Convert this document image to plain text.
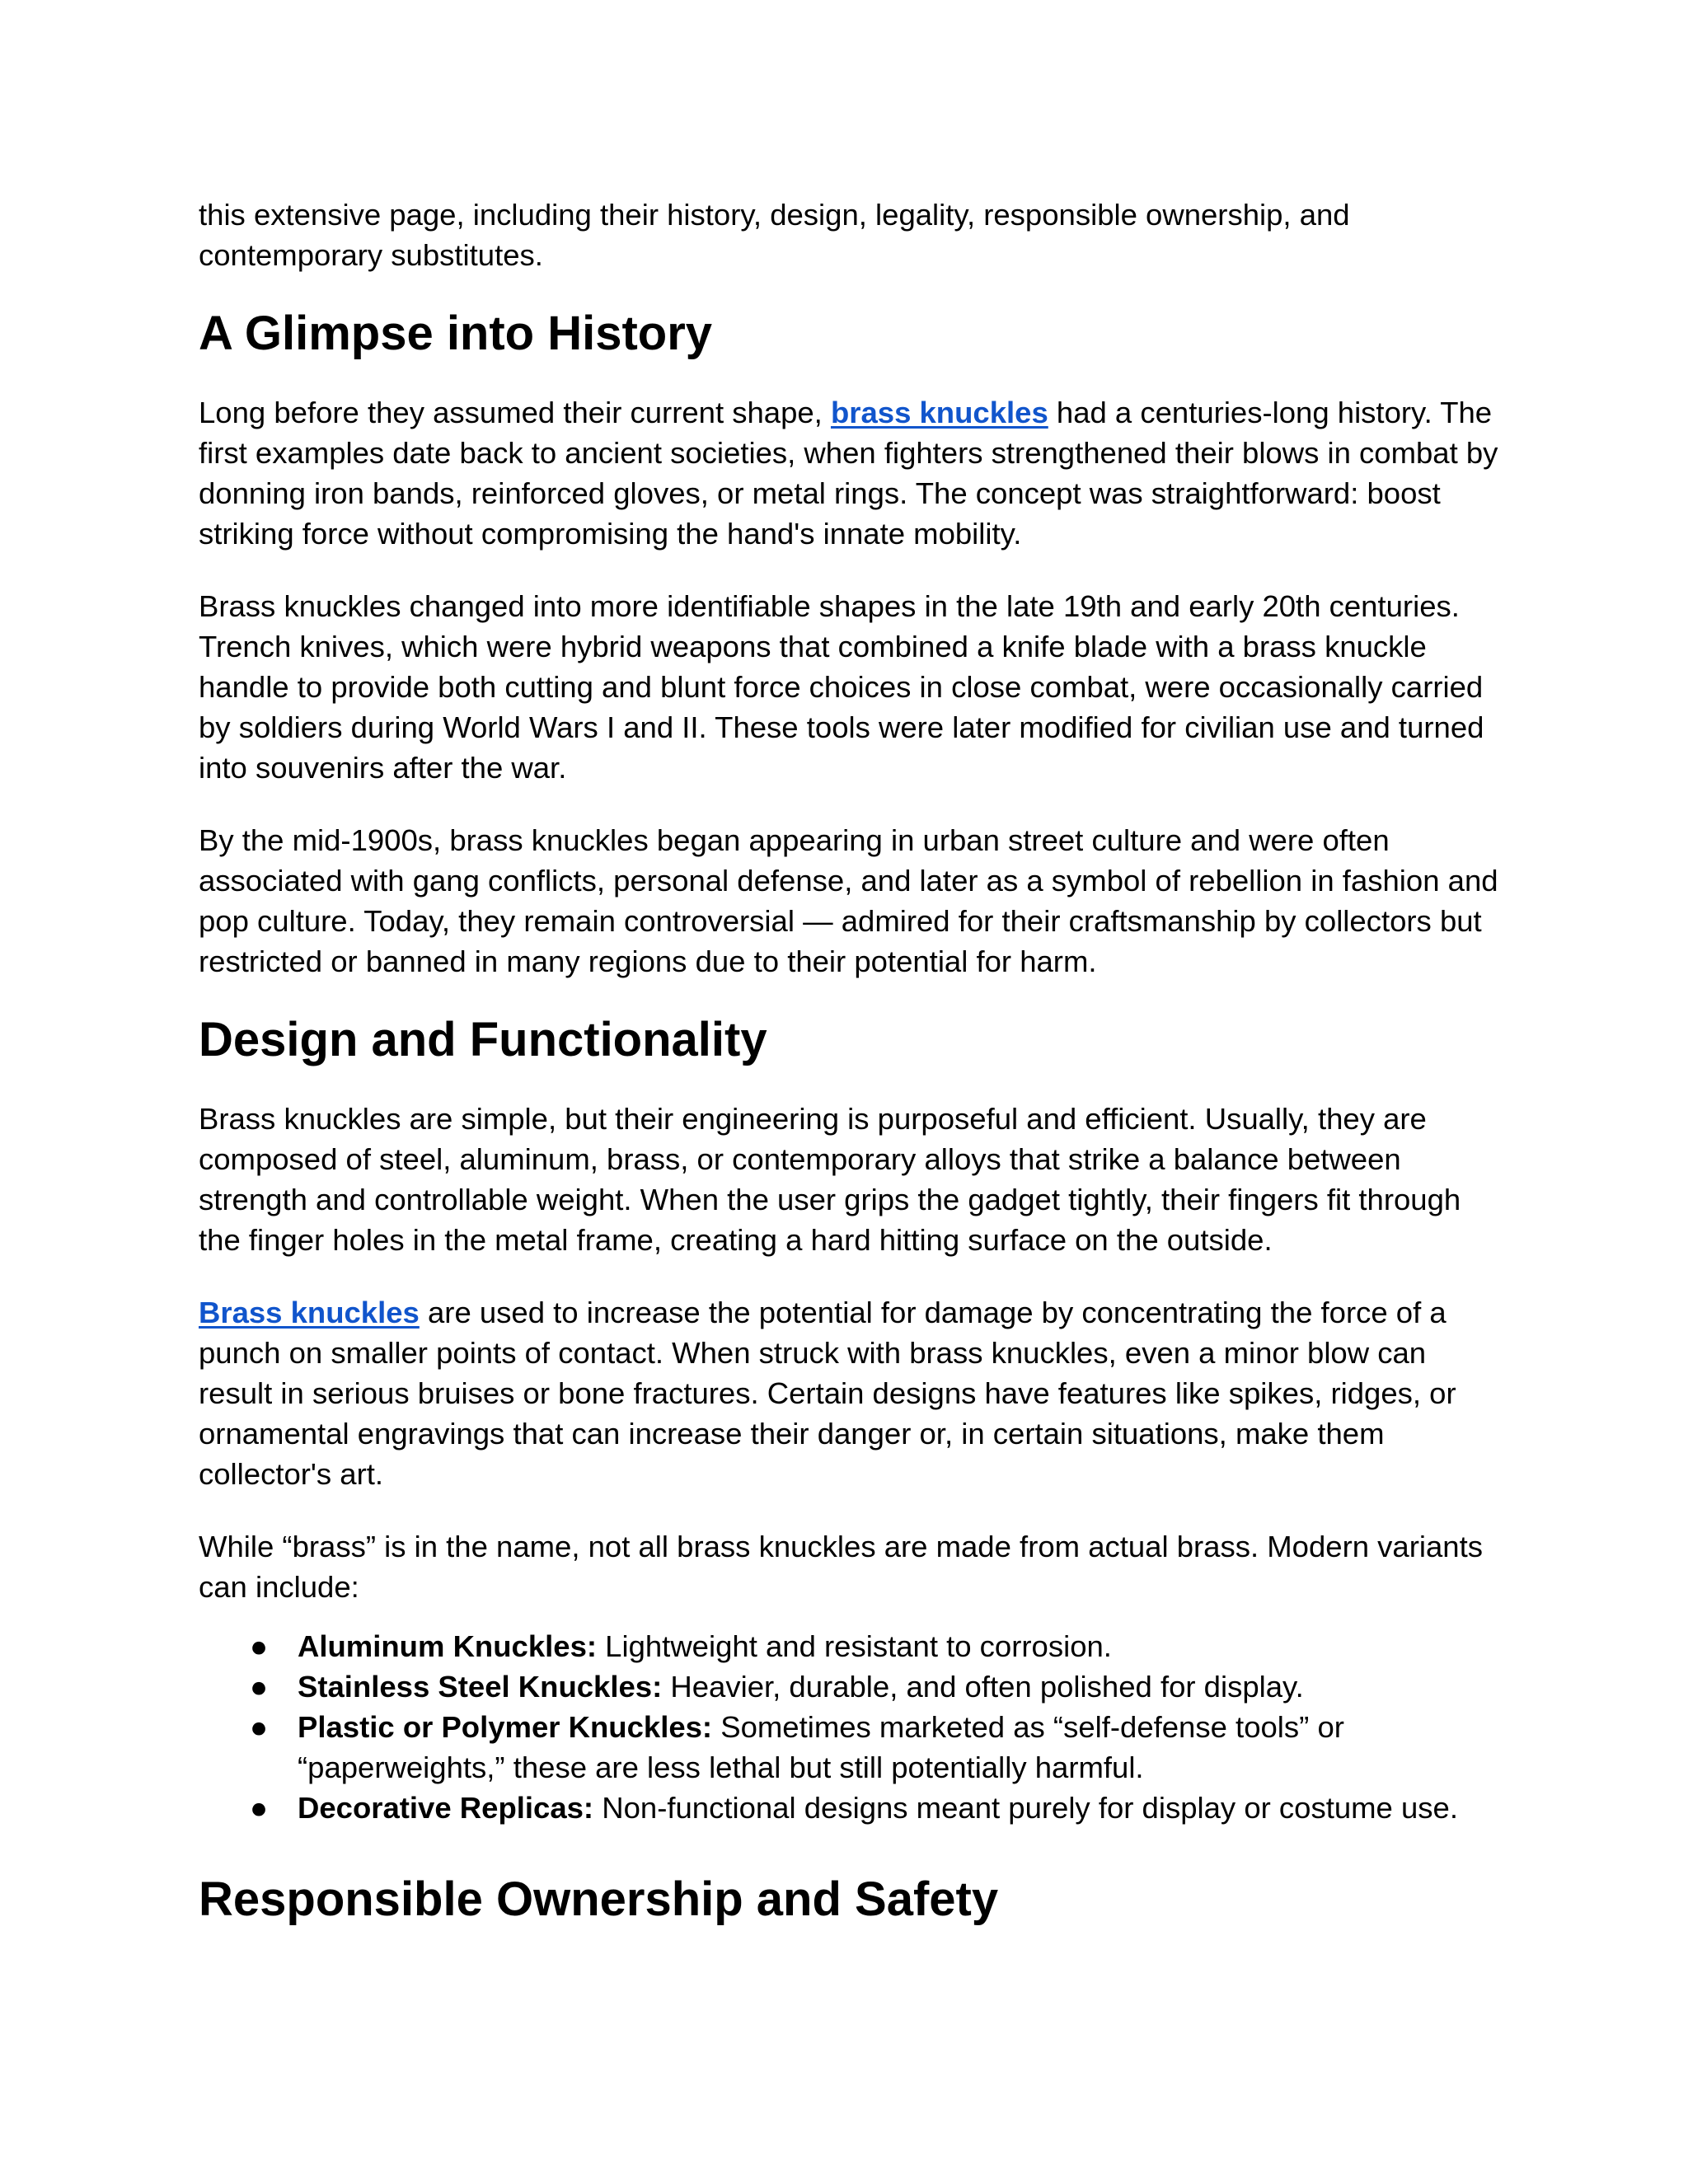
this extensive page, including their history, design, legality, responsible ownership, and contemporary substitutes.

A Glimpse into History

Long before they assumed their current shape, brass knuckles had a centuries-long history. The first examples date back to ancient societies, when fighters strengthened their blows in combat by donning iron bands, reinforced gloves, or metal rings. The concept was straightforward: boost striking force without compromising the hand's innate mobility.

Brass knuckles changed into more identifiable shapes in the late 19th and early 20th centuries. Trench knives, which were hybrid weapons that combined a knife blade with a brass knuckle handle to provide both cutting and blunt force choices in close combat, were occasionally carried by soldiers during World Wars I and II. These tools were later modified for civilian use and turned into souvenirs after the war.

By the mid-1900s, brass knuckles began appearing in urban street culture and were often associated with gang conflicts, personal defense, and later as a symbol of rebellion in fashion and pop culture. Today, they remain controversial — admired for their craftsmanship by collectors but restricted or banned in many regions due to their potential for harm.

Design and Functionality

Brass knuckles are simple, but their engineering is purposeful and efficient. Usually, they are composed of steel, aluminum, brass, or contemporary alloys that strike a balance between strength and controllable weight. When the user grips the gadget tightly, their fingers fit through the finger holes in the metal frame, creating a hard hitting surface on the outside.

Brass knuckles are used to increase the potential for damage by concentrating the force of a punch on smaller points of contact. When struck with brass knuckles, even a minor blow can result in serious bruises or bone fractures. Certain designs have features like spikes, ridges, or ornamental engravings that can increase their danger or, in certain situations, make them collector's art.

While “brass” is in the name, not all brass knuckles are made from actual brass. Modern variants can include:

● Aluminum Knuckles: Lightweight and resistant to corrosion.
● Stainless Steel Knuckles: Heavier, durable, and often polished for display.
● Plastic or Polymer Knuckles: Sometimes marketed as “self-defense tools” or “paperweights,” these are less lethal but still potentially harmful.
● Decorative Replicas: Non-functional designs meant purely for display or costume use.
Responsible Ownership and Safety
